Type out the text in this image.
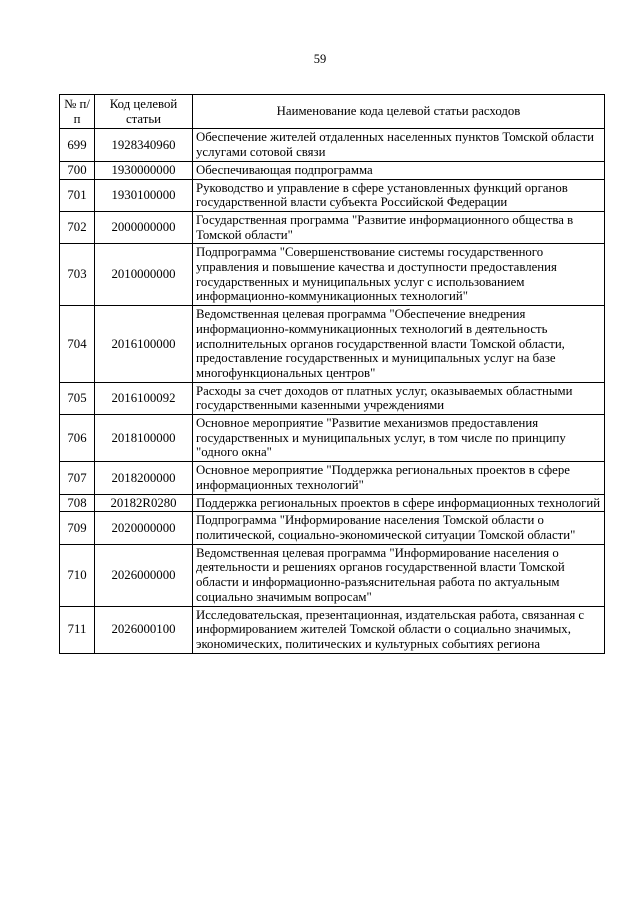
59
№ п/п	Код целевой статьи	Наименование кода целевой статьи расходов
699	1928340960	Обеспечение жителей отдаленных населенных пунктов Томской области услугами сотовой связи
700	1930000000	Обеспечивающая подпрограмма
701	1930100000	Руководство и управление в сфере установленных функций органов государственной власти субъекта Российской Федерации
702	2000000000	Государственная программа "Развитие информационного общества в Томской области"
703	2010000000	Подпрограмма "Совершенствование системы государственного управления и повышение качества и доступности предоставления государственных и муниципальных услуг с использованием информационно-коммуникационных технологий"
704	2016100000	Ведомственная целевая программа "Обеспечение внедрения информационно-коммуникационных технологий в деятельность исполнительных органов государственной власти Томской области, предоставление государственных и муниципальных услуг на базе многофункциональных центров"
705	2016100092	Расходы за счет доходов от платных услуг, оказываемых областными государственными казенными учреждениями
706	2018100000	Основное мероприятие "Развитие механизмов предоставления государственных и муниципальных услуг, в том числе по принципу "одного окна"
707	2018200000	Основное мероприятие "Поддержка региональных проектов в сфере информационных технологий"
708	20182R0280	Поддержка региональных проектов в сфере информационных технологий
709	2020000000	Подпрограмма "Информирование населения Томской области о политической, социально-экономической ситуации Томской области"
710	2026000000	Ведомственная целевая программа "Информирование населения о деятельности и решениях органов государственной власти Томской области и информационно-разъяснительная работа по актуальным социально значимым вопросам"
711	2026000100	Исследовательская, презентационная, издательская работа, связанная с информированием жителей Томской области о социально значимых, экономических, политических и культурных событиях региона
